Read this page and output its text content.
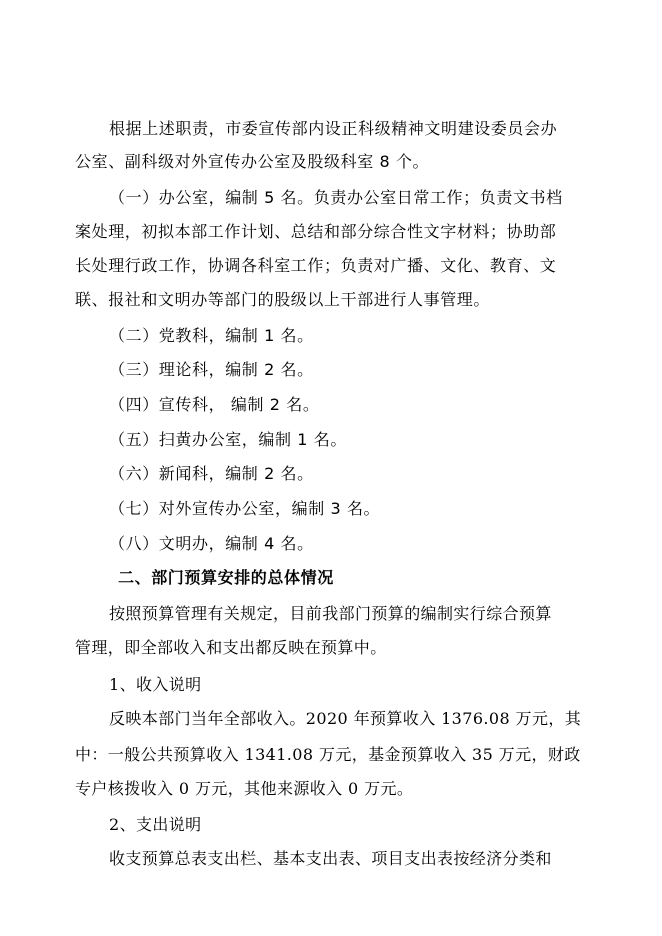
根据上述职责，市委宣传部内设正科级精神文明建设委员会办
公室、副科级对外宣传办公室及股级科室 8 个。
（一）办公室，编制 5 名。负责办公室日常工作；负责文书档
案处理，初拟本部工作计划、总结和部分综合性文字材料；协助部
长处理行政工作，协调各科室工作；负责对广播、文化、教育、文
联、报社和文明办等部门的股级以上干部进行人事管理。
（二）党教科，编制 1 名。
（三）理论科，编制 2 名。
（四）宣传科， 编制 2 名。
（五）扫黄办公室，编制 1 名。
（六）新闻科，编制 2 名。
（七）对外宣传办公室，编制 3 名。
（八）文明办，编制 4 名。
二、部门预算安排的总体情况
按照预算管理有关规定，目前我部门预算的编制实行综合预算
管理，即全部收入和支出都反映在预算中。
1、收入说明
反映本部门当年全部收入。2020 年预算收入 1376.08 万元，其
中：一般公共预算收入 1341.08 万元，基金预算收入 35 万元，财政
专户核拨收入 0 万元，其他来源收入 0 万元。
2、支出说明
收支预算总表支出栏、基本支出表、项目支出表按经济分类和
